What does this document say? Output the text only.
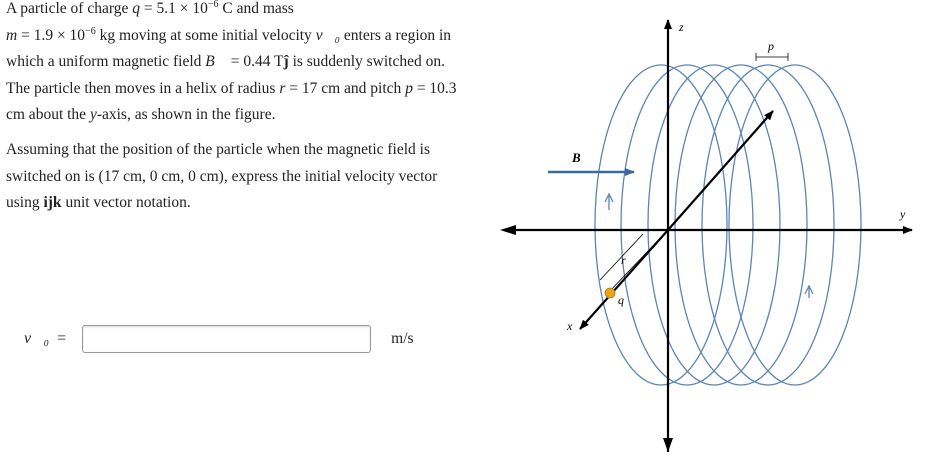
A particle of charge $q = 5.1 \times 10^{-6}$ C and mass
$m = 1.9 \times 10^{-6}$ kg moving at some initial velocity v⃗₀ enters a region in which a uniform magnetic field B⃗ = 0.44 Tĵ is suddenly switched on. The particle then moves in a helix of radius r = 17 cm and pitch p = 10.3 cm about the y-axis, as shown in the figure.

Assuming that the position of the particle when the magnetic field is switched on is (17 cm, 0 cm, 0 cm), express the initial velocity vector using ijk unit vector notation.

v⃗₀ =	m/s
z
y
x
B⃗
p
r
q
